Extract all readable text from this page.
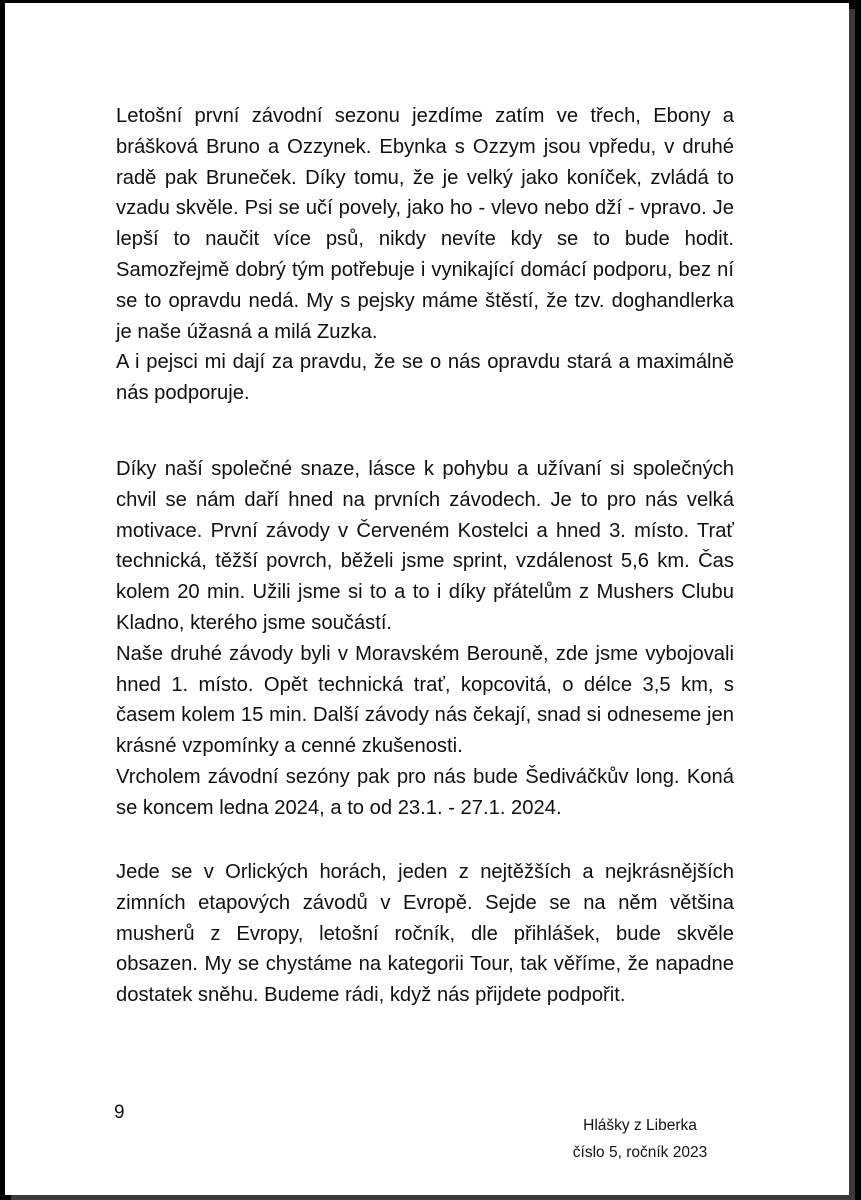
Letošní první závodní sezonu jezdíme zatím ve třech, Ebony a brášková Bruno a Ozzynek. Ebynka s Ozzym jsou vpředu, v druhé radě pak Bruneček. Díky tomu, že je velký jako koníček, zvládá to vzadu skvěle. Psi se učí povely, jako ho - vlevo nebo dží - vpravo. Je lepší to naučit více psů, nikdy nevíte kdy se to bude hodit. Samozřejmě dobrý tým potřebuje i vynikající domácí podporu, bez ní se to opravdu nedá. My s pejsky máme štěstí, že tzv. doghandlerka je naše úžasná a milá Zuzka.

A i pejsci mi dají za pravdu, že se o nás opravdu stará a maximálně nás podporuje.

Díky naší společné snaze, lásce k pohybu a užívaní si společných chvil se nám daří hned na prvních závodech. Je to pro nás velká motivace. První závody v Červeném Kostelci a hned 3. místo. Trať technická, těžší povrch, běželi jsme sprint, vzdálenost 5,6 km. Čas kolem 20 min. Užili jsme si to a to i díky přátelům z Mushers Clubu Kladno, kterého jsme součástí.

Naše druhé závody byli v Moravském Berouně, zde jsme vybojovali hned 1. místo. Opět technická trať, kopcovitá, o délce 3,5 km, s časem kolem 15 min. Další závody nás čekají, snad si odneseme jen krásné vzpomínky a cenné zkušenosti.

Vrcholem závodní sezóny pak pro nás bude Šediváčkův long. Koná se koncem ledna 2024, a to od 23.1. - 27.1. 2024.

Jede se v Orlických horách, jeden z nejtěžších a nejkrásnějších zimních etapových závodů v Evropě. Sejde se na něm většina musherů z Evropy, letošní ročník, dle přihlášek, bude skvěle obsazen. My se chystáme na kategorii Tour, tak věříme, že napadne dostatek sněhu. Budeme rádi, když nás přijdete podpořit.

9
Hlášky z Liberka
číslo 5, ročník 2023
